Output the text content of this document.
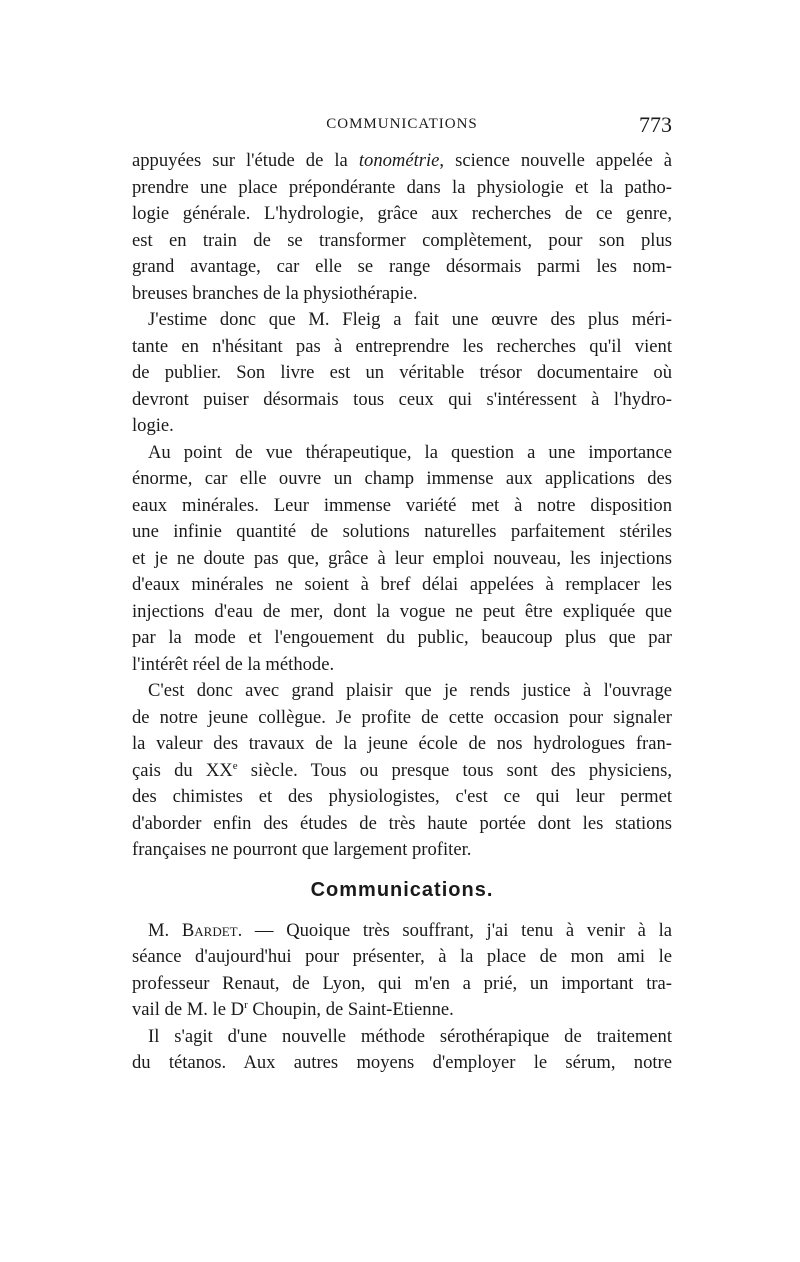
COMMUNICATIONS	773
appuyées sur l'étude de la tonométrie, science nouvelle appelée à
prendre une place prépondérante dans la physiologie et la patho-
logie générale. L'hydrologie, grâce aux recherches de ce genre,
est en train de se transformer complètement, pour son plus
grand avantage, car elle se range désormais parmi les nom-
breuses branches de la physiothérapie.
J'estime donc que M. Fleig a fait une œuvre des plus méri-
tante en n'hésitant pas à entreprendre les recherches qu'il vient
de publier. Son livre est un véritable trésor documentaire où
devront puiser désormais tous ceux qui s'intéressent à l'hydro-
logie.
Au point de vue thérapeutique, la question a une importance
énorme, car elle ouvre un champ immense aux applications des
eaux minérales. Leur immense variété met à notre disposition
une infinie quantité de solutions naturelles parfaitement stériles
et je ne doute pas que, grâce à leur emploi nouveau, les injections
d'eaux minérales ne soient à bref délai appelées à remplacer les
injections d'eau de mer, dont la vogue ne peut être expliquée que
par la mode et l'engouement du public, beaucoup plus que par
l'intérêt réel de la méthode.
C'est donc avec grand plaisir que je rends justice à l'ouvrage
de notre jeune collègue. Je profite de cette occasion pour signaler
la valeur des travaux de la jeune école de nos hydrologues fran-
çais du XXe siècle. Tous ou presque tous sont des physiciens,
des chimistes et des physiologistes, c'est ce qui leur permet
d'aborder enfin des études de très haute portée dont les stations
françaises ne pourront que largement profiter.
Communications.
M. Bardet. — Quoique très souffrant, j'ai tenu à venir à la
séance d'aujourd'hui pour présenter, à la place de mon ami le
professeur Renaut, de Lyon, qui m'en a prié, un important tra-
vail de M. le $D^r$ Choupin, de Saint-Etienne.
Il s'agit d'une nouvelle méthode sérothérapique de traitement
du tétanos. Aux autres moyens d'employer le sérum, notre
